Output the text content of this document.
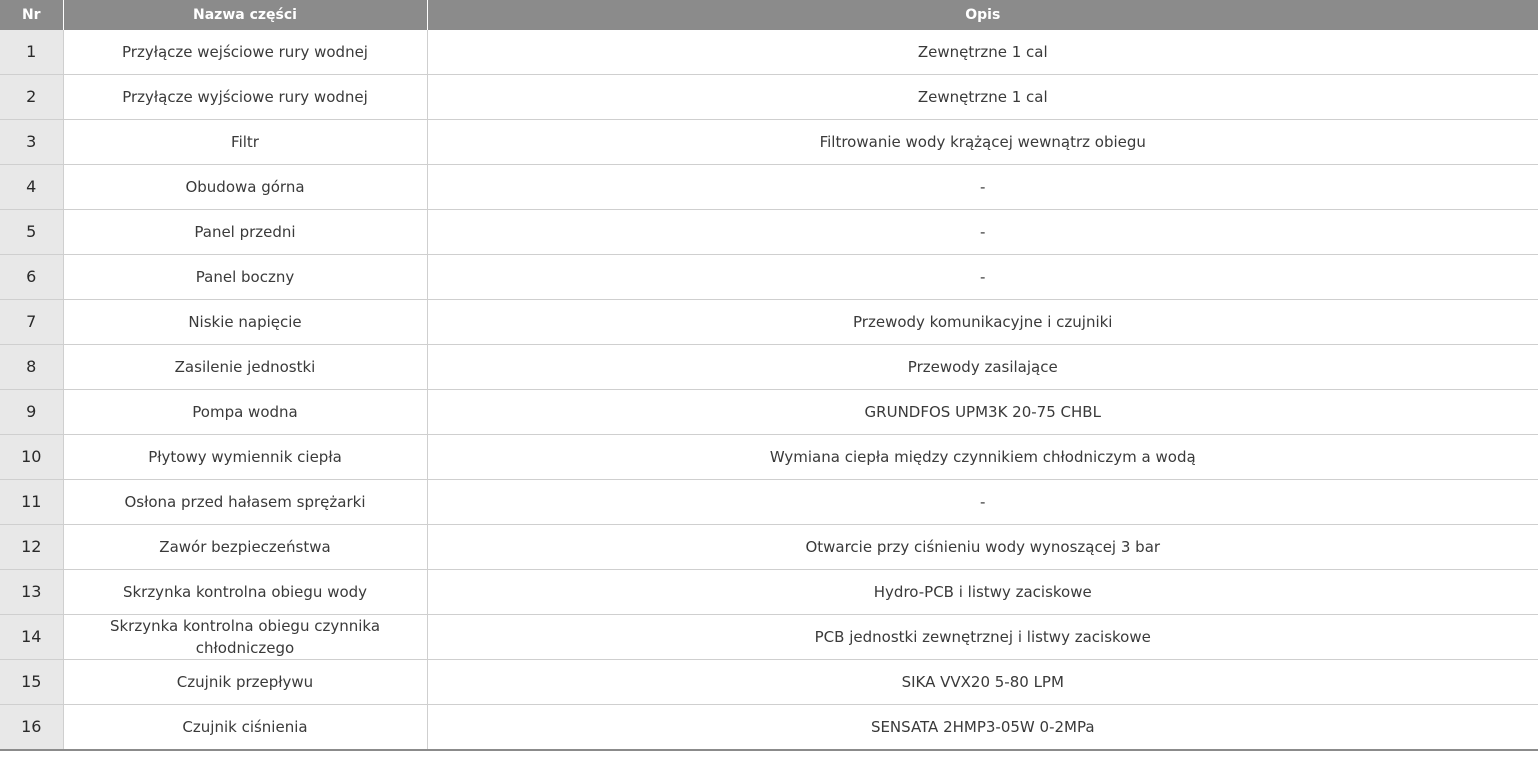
Nr	Nazwa części	Opis
1	Przyłącze wejściowe rury wodnej	Zewnętrzne 1 cal
2	Przyłącze wyjściowe rury wodnej	Zewnętrzne 1 cal
3	Filtr	Filtrowanie wody krążącej wewnątrz obiegu
4	Obudowa górna	-
5	Panel przedni	-
6	Panel boczny	-
7	Niskie napięcie	Przewody komunikacyjne i czujniki
8	Zasilenie jednostki	Przewody zasilające
9	Pompa wodna	GRUNDFOS UPM3K 20-75 CHBL
10	Płytowy wymiennik ciepła	Wymiana ciepła między czynnikiem chłodniczym a wodą
11	Osłona przed hałasem sprężarki	-
12	Zawór bezpieczeństwa	Otwarcie przy ciśnieniu wody wynoszącej 3 bar
13	Skrzynka kontrolna obiegu wody	Hydro-PCB i listwy zaciskowe
14	Skrzynka kontrolna obiegu czynnika chłodniczego	PCB jednostki zewnętrznej i listwy zaciskowe
15	Czujnik przepływu	SIKA VVX20 5-80 LPM
16	Czujnik ciśnienia	SENSATA 2HMP3-05W 0-2MPa
